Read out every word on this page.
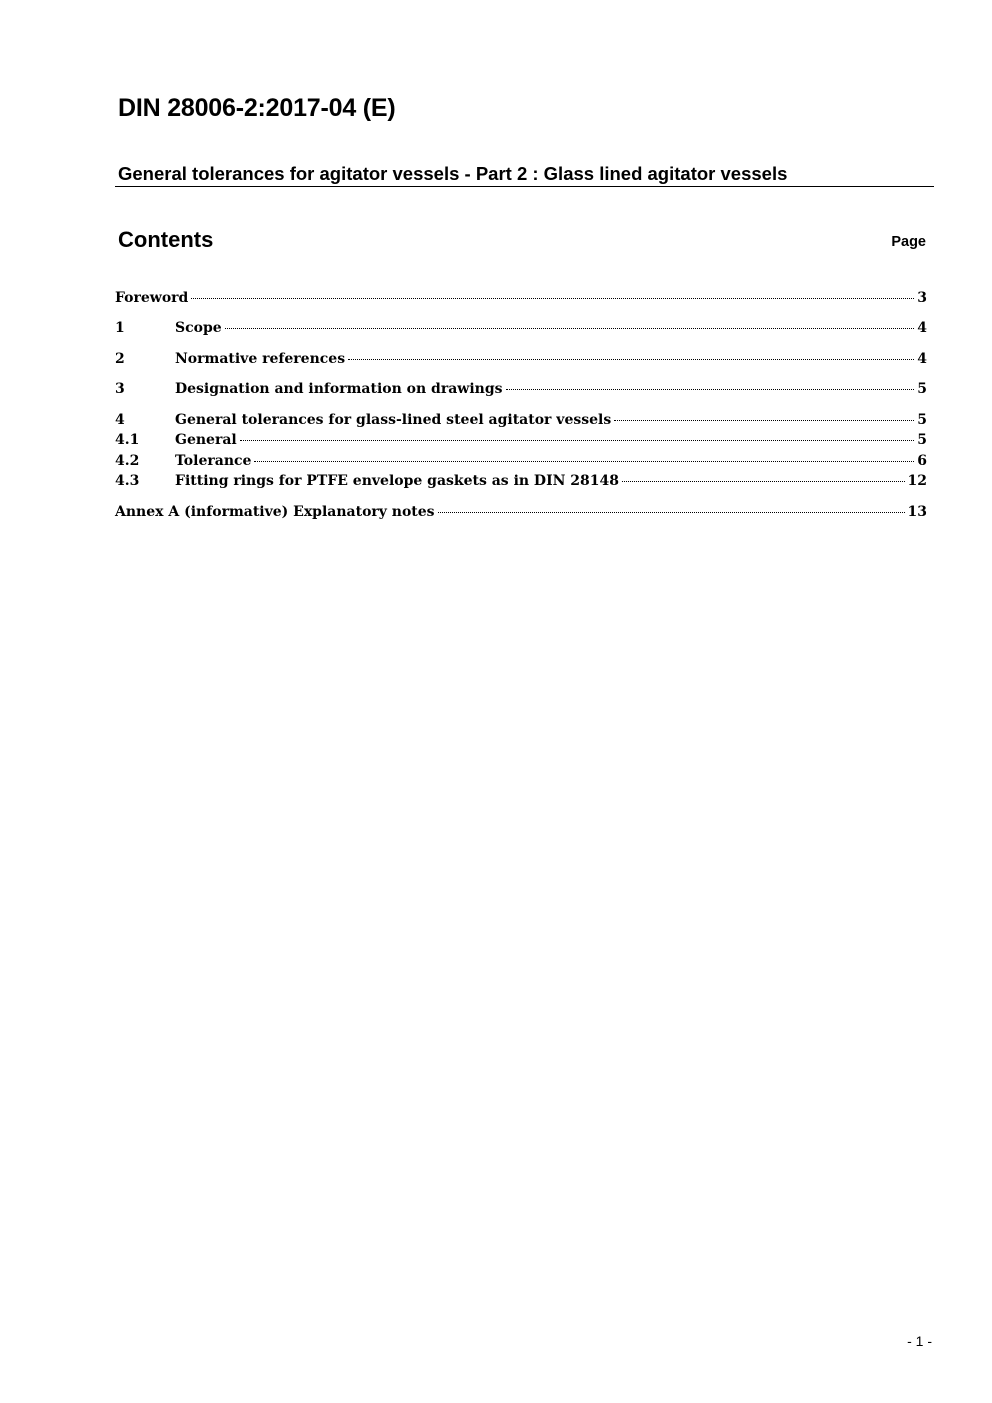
DIN 28006-2:2017-04 (E)
General tolerances for agitator vessels - Part 2 : Glass lined agitator vessels
Contents	Page
Foreword	3
1	Scope	4
2	Normative references	4
3	Designation and information on drawings	5
4	General tolerances for glass-lined steel agitator vessels	5
4.1	General	5
4.2	Tolerance	6
4.3	Fitting rings for PTFE envelope gaskets as in DIN 28148	12
Annex A (informative) Explanatory notes	13
- 1 -
